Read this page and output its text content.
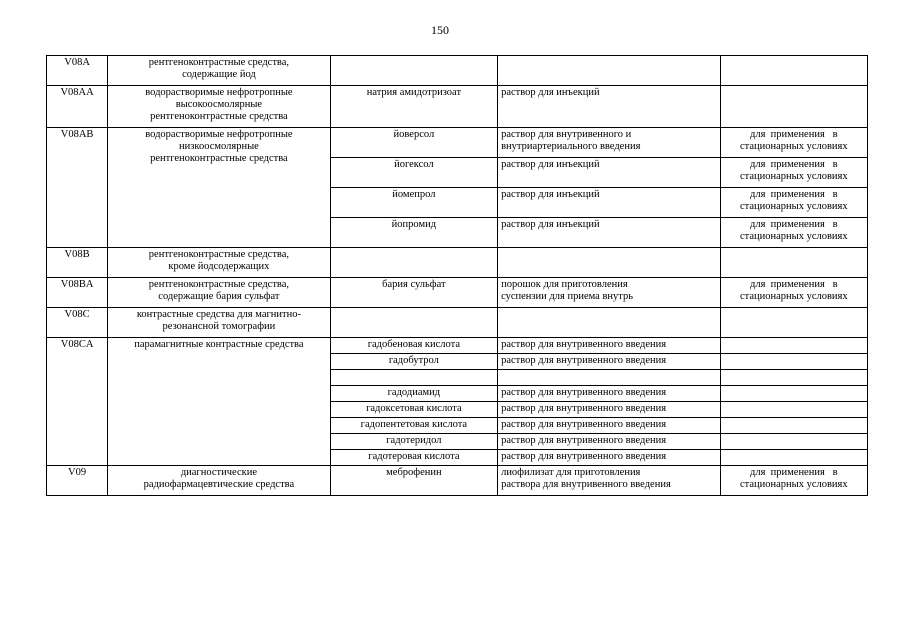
150
V08A	рентгеноконтрастные средства,
содержащие йод			

V08AA	водорастворимые нефротропные
высокоосмолярные
рентгеноконтрастные средства	натрия амидотризоат	раствор для инъекций	

V08AB	водорастворимые нефротропные
низкоосмолярные
рентгеноконтрастные средства	йоверсол	раствор для внутривенного и
внутриартериального введения	для  применения   в
стационарных условиях

		йогексол	раствор для инъекций	для  применения   в
стационарных условиях

		йомепрол	раствор для инъекций	для  применения   в
стационарных условиях

		йопромид	раствор для инъекций	для  применения   в
стационарных условиях

V08B	рентгеноконтрастные средства,
кроме йодсодержащих			

V08BA	рентгеноконтрастные средства,
содержащие бария сульфат	бария сульфат	порошок для приготовления
суспензии для приема внутрь	для  применения   в
стационарных условиях

V08C	контрастные средства для магнитно-
резонансной томографии			

V08CA	парамагнитные контрастные средства	гадобеновая кислота	раствор для внутривенного введения	
		гадобутрол	раствор для внутривенного введения	

		гадодиамид	раствор для внутривенного введения	
		гадоксетовая кислота	раствор для внутривенного введения	
		гадопентетовая кислота	раствор для внутривенного введения	
		гадотеридол	раствор для внутривенного введения	
		гадотеровая кислота	раствор для внутривенного введения	
V09	диагностические
радиофармацевтические средства	меброфенин	лиофилизат для приготовления
раствора для внутривенного введения	для  применения   в
стационарных условиях
